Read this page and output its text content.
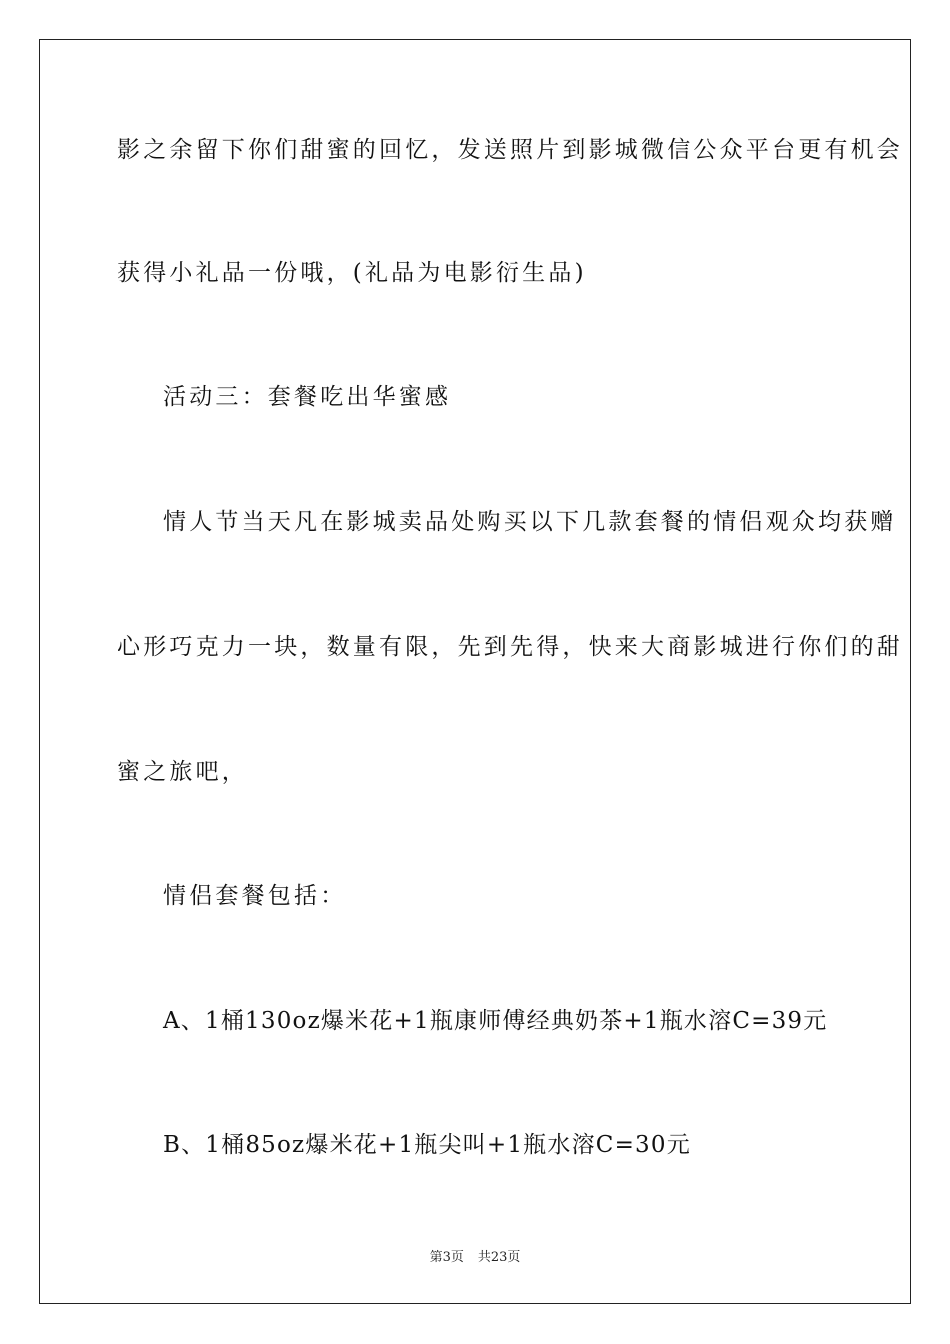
影之余留下你们甜蜜的回忆，发送照片到影城微信公众平台更有机会
获得小礼品一份哦，(礼品为电影衍生品)
活动三：套餐吃出华蜜感
情人节当天凡在影城卖品处购买以下几款套餐的情侣观众均获赠
心形巧克力一块，数量有限，先到先得，快来大商影城进行你们的甜
蜜之旅吧，
情侣套餐包括：
A、1桶130oz爆米花+1瓶康师傅经典奶茶+1瓶水溶C=39元
B、1桶85oz爆米花+1瓶尖叫+1瓶水溶C=30元
第3页 共23页
